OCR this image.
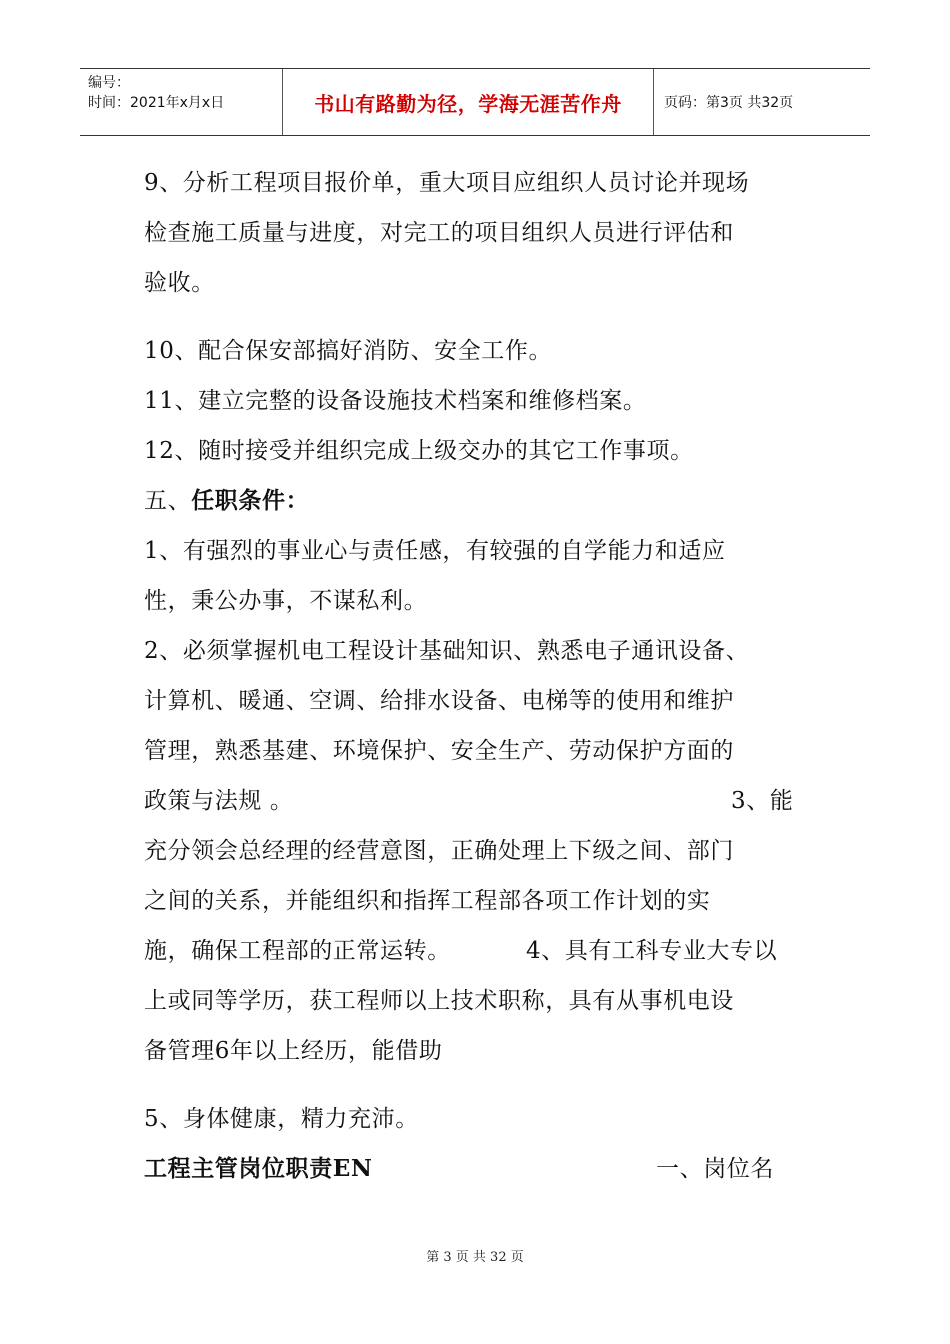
编号：
时间：2021年x月x日	书山有路勤为径，学海无涯苦作舟	页码：第3页 共32页
9、分析工程项目报价单，重大项目应组织人员讨论并现场
检查施工质量与进度，对完工的项目组织人员进行评估和
验收。
10、配合保安部搞好消防、安全工作。
11、建立完整的设备设施技术档案和维修档案。
12、随时接受并组织完成上级交办的其它工作事项。
五、任职条件：
1、有强烈的事业心与责任感，有较强的自学能力和适应
性，秉公办事，不谋私利。
2、必须掌握机电工程设计基础知识、熟悉电子通讯设备、
计算机、暖通、空调、给排水设备、电梯等的使用和维护
管理，熟悉基建、环境保护、安全生产、劳动保护方面的
政策与法规 。	3、能
充分领会总经理的经营意图，正确处理上下级之间、部门
之间的关系，并能组织和指挥工程部各项工作计划的实
施，确保工程部的正常运转。	4、具有工科专业大专以
上或同等学历，获工程师以上技术职称，具有从事机电设
备管理6年以上经历，能借助
5、身体健康，精力充沛。
工程主管岗位职责EN	一、岗位名
第 3 页 共 32 页
